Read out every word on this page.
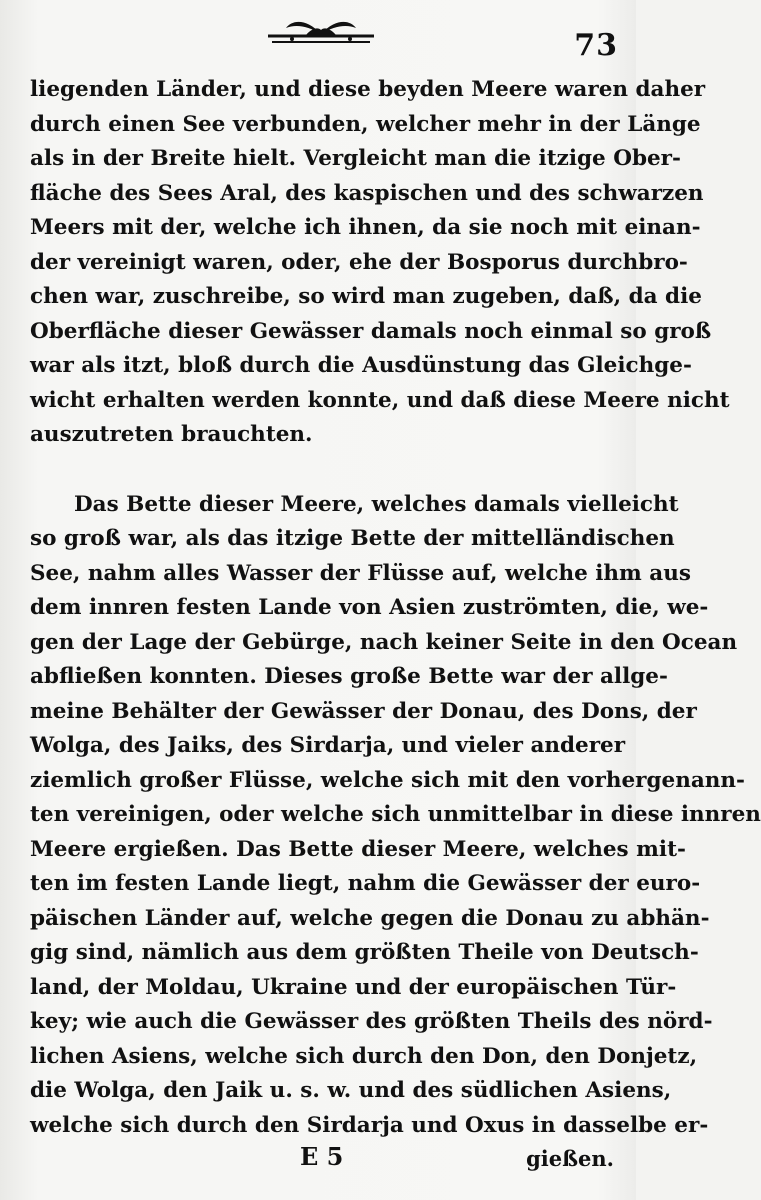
73
liegenden Länder, und diese beyden Meere waren daher
durch einen See verbunden, welcher mehr in der Länge
als in der Breite hielt. Vergleicht man die itzige Ober-
fläche des Sees Aral, des kaspischen und des schwarzen
Meers mit der, welche ich ihnen, da sie noch mit einan-
der vereinigt waren, oder, ehe der Bosporus durchbro-
chen war, zuschreibe, so wird man zugeben, daß, da die
Oberfläche dieser Gewässer damals noch einmal so groß
war als itzt, bloß durch die Ausdünstung das Gleichge-
wicht erhalten werden konnte, und daß diese Meere nicht
auszutreten brauchten.
Das Bette dieser Meere, welches damals vielleicht
so groß war, als das itzige Bette der mittelländischen
See, nahm alles Wasser der Flüsse auf, welche ihm aus
dem innren festen Lande von Asien zuströmten, die, we-
gen der Lage der Gebürge, nach keiner Seite in den Ocean
abfließen konnten. Dieses große Bette war der allge-
meine Behälter der Gewässer der Donau, des Dons, der
Wolga, des Jaiks, des Sirdarja, und vieler anderer
ziemlich großer Flüsse, welche sich mit den vorhergenann-
ten vereinigen, oder welche sich unmittelbar in diese innren
Meere ergießen. Das Bette dieser Meere, welches mit-
ten im festen Lande liegt, nahm die Gewässer der euro-
päischen Länder auf, welche gegen die Donau zu abhän-
gig sind, nämlich aus dem größten Theile von Deutsch-
land, der Moldau, Ukraine und der europäischen Tür-
key; wie auch die Gewässer des größten Theils des nörd-
lichen Asiens, welche sich durch den Don, den Donjetz,
die Wolga, den Jaik u. s. w. und des südlichen Asiens,
welche sich durch den Sirdarja und Oxus in dasselbe er-
E 5	gießen.
